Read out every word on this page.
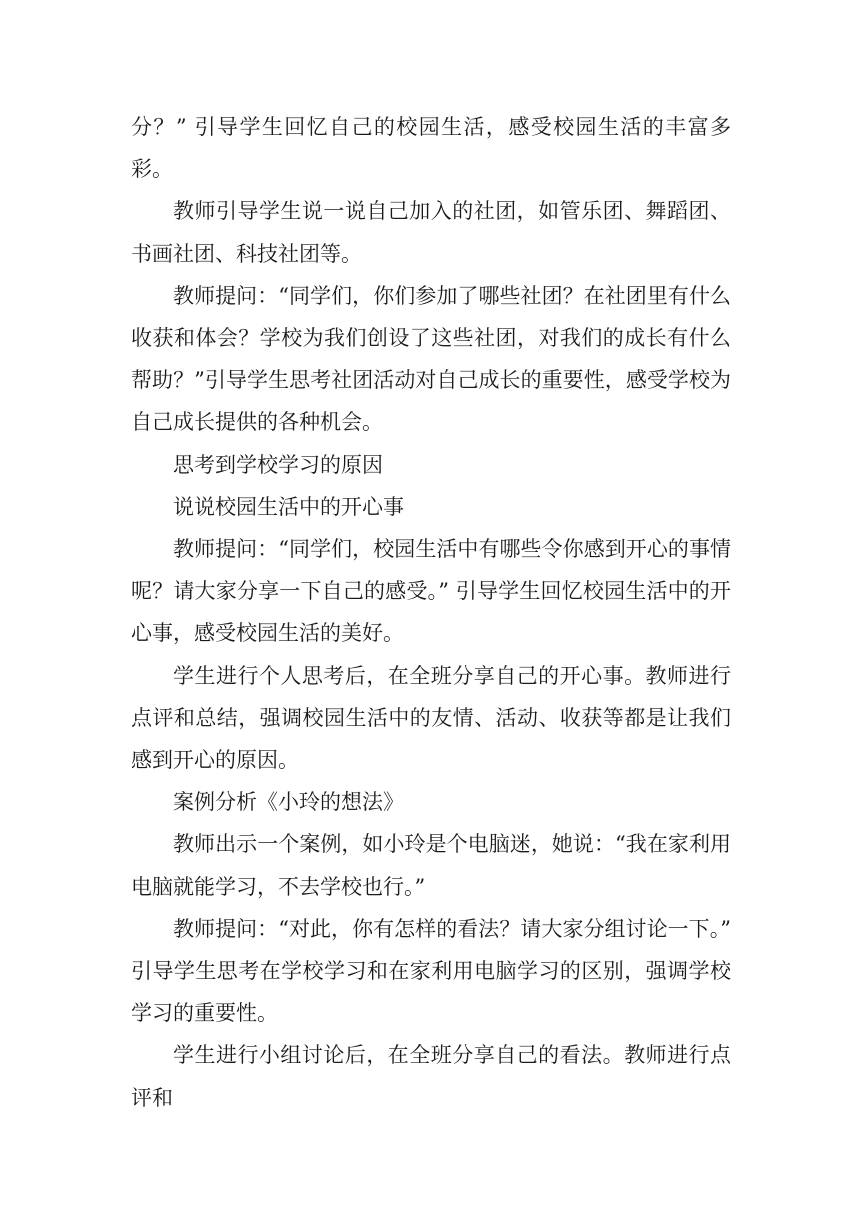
分？” 引导学生回忆自己的校园生活，感受校园生活的丰富多彩。

教师引导学生说一说自己加入的社团，如管乐团、舞蹈团、书画社团、科技社团等。

教师提问：“同学们，你们参加了哪些社团？在社团里有什么收获和体会？学校为我们创设了这些社团，对我们的成长有什么帮助？”引导学生思考社团活动对自己成长的重要性，感受学校为自己成长提供的各种机会。

思考到学校学习的原因

说说校园生活中的开心事

教师提问：“同学们，校园生活中有哪些令你感到开心的事情呢？请大家分享一下自己的感受。” 引导学生回忆校园生活中的开心事，感受校园生活的美好。

学生进行个人思考后，在全班分享自己的开心事。教师进行点评和总结，强调校园生活中的友情、活动、收获等都是让我们感到开心的原因。

案例分析《小玲的想法》

教师出示一个案例，如小玲是个电脑迷，她说：“我在家利用电脑就能学习，不去学校也行。”

教师提问：“对此，你有怎样的看法？请大家分组讨论一下。” 引导学生思考在学校学习和在家利用电脑学习的区别，强调学校学习的重要性。

学生进行小组讨论后，在全班分享自己的看法。教师进行点评和
